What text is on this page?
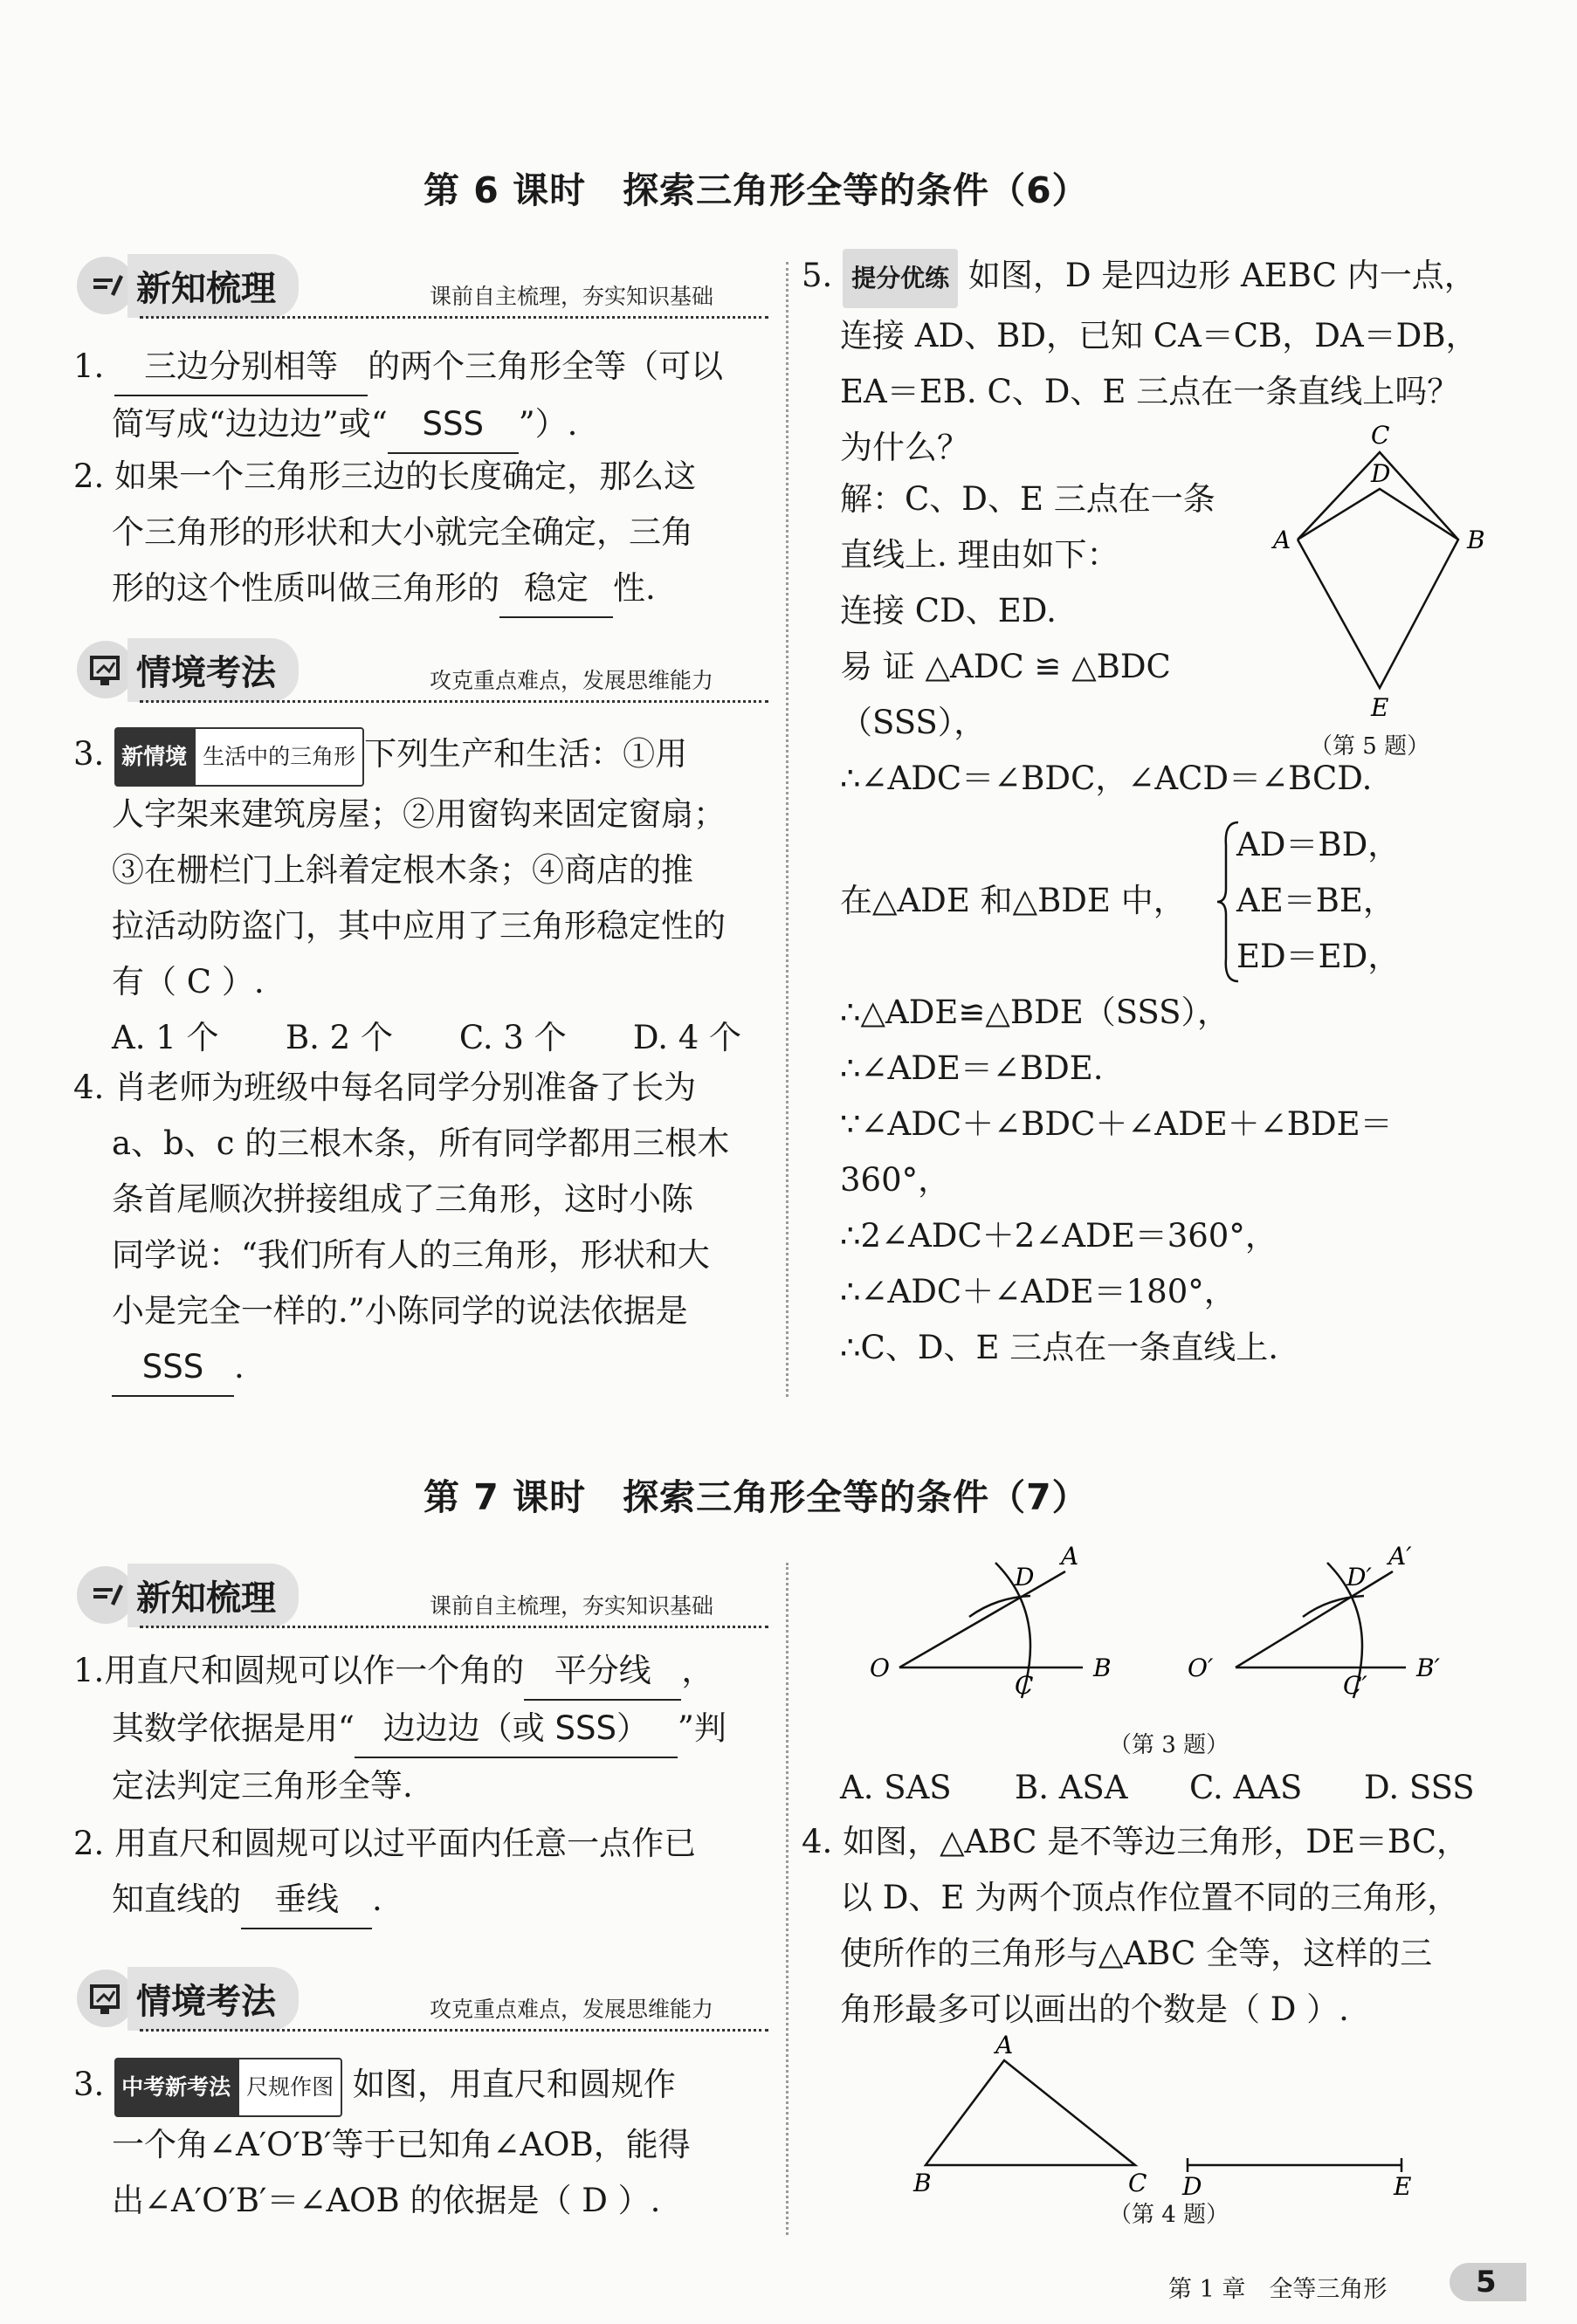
第 6 课时　探索三角形全等的条件（6）
新知梳理	课前自主梳理，夯实知识基础
1. 三边分别相等 的两个三角形全等（可以
简写成“边边边”或“ SSS ”）.
2. 如果一个三角形三边的长度确定，那么这
个三角形的形状和大小就完全确定，三角
形的这个性质叫做三角形的 稳定 性.
情境考法	攻克重点难点，发展思维能力
3. 新情境 生活中的三角形 下列生产和生活：①用
人字架来建筑房屋；②用窗钩来固定窗扇；
③在栅栏门上斜着定根木条；④商店的推
拉活动防盗门，其中应用了三角形稳定性的
有（ C ）.
A. 1 个	B. 2 个	C. 3 个	D. 4 个
4. 肖老师为班级中每名同学分别准备了长为
a、b、c 的三根木条，所有同学都用三根木
条首尾顺次拼接组成了三角形，这时小陈
同学说：“我们所有人的三角形，形状和大
小是完全一样的.”小陈同学的说法依据是
SSS .
5. 提分优练 如图，D 是四边形 AEBC 内一点，
连接 AD、BD，已知 CA＝CB，DA＝DB，
EA＝EB. C、D、E 三点在一条直线上吗？
为什么？
解：C、D、E 三点在一条
直线上. 理由如下：
连接 CD、ED.
易 证 △ADC ≌ △BDC
（SSS），
∴∠ADC＝∠BDC，∠ACD＝∠BCD.
C
D
A	B
E
（第 5 题）
在△ADE 和△BDE 中，
AD＝BD，
AE＝BE，
ED＝ED，
∴△ADE≌△BDE（SSS），
∴∠ADE＝∠BDE.
∵∠ADC＋∠BDC＋∠ADE＋∠BDE＝
360°，
∴2∠ADC＋2∠ADE＝360°，
∴∠ADC＋∠ADE＝180°，
∴C、D、E 三点在一条直线上.
第 7 课时　探索三角形全等的条件（7）
新知梳理	课前自主梳理，夯实知识基础
1.用直尺和圆规可以作一个角的 平分线 ，
其数学依据是用“ 边边边（或 SSS） ”判
定法判定三角形全等.
2. 用直尺和圆规可以过平面内任意一点作已
知直线的 垂线 .
情境考法	攻克重点难点，发展思维能力
3. 中考新考法 尺规作图 如图，用直尺和圆规作
一个角∠A′O′B′等于已知角∠AOB，能得
出∠A′O′B′＝∠AOB 的依据是（ D ）.
O
A
B
C
D
O′
A′
B′
C′
D′
（第 3 题）
A. SAS	B. ASA	C. AAS	D. SSS
4. 如图，△ABC 是不等边三角形，DE＝BC，
以 D、E 为两个顶点作位置不同的三角形，
使所作的三角形与△ABC 全等，这样的三
角形最多可以画出的个数是（ D ）.
A
B	C D	E
（第 4 题）
第 1 章　全等三角形	5
